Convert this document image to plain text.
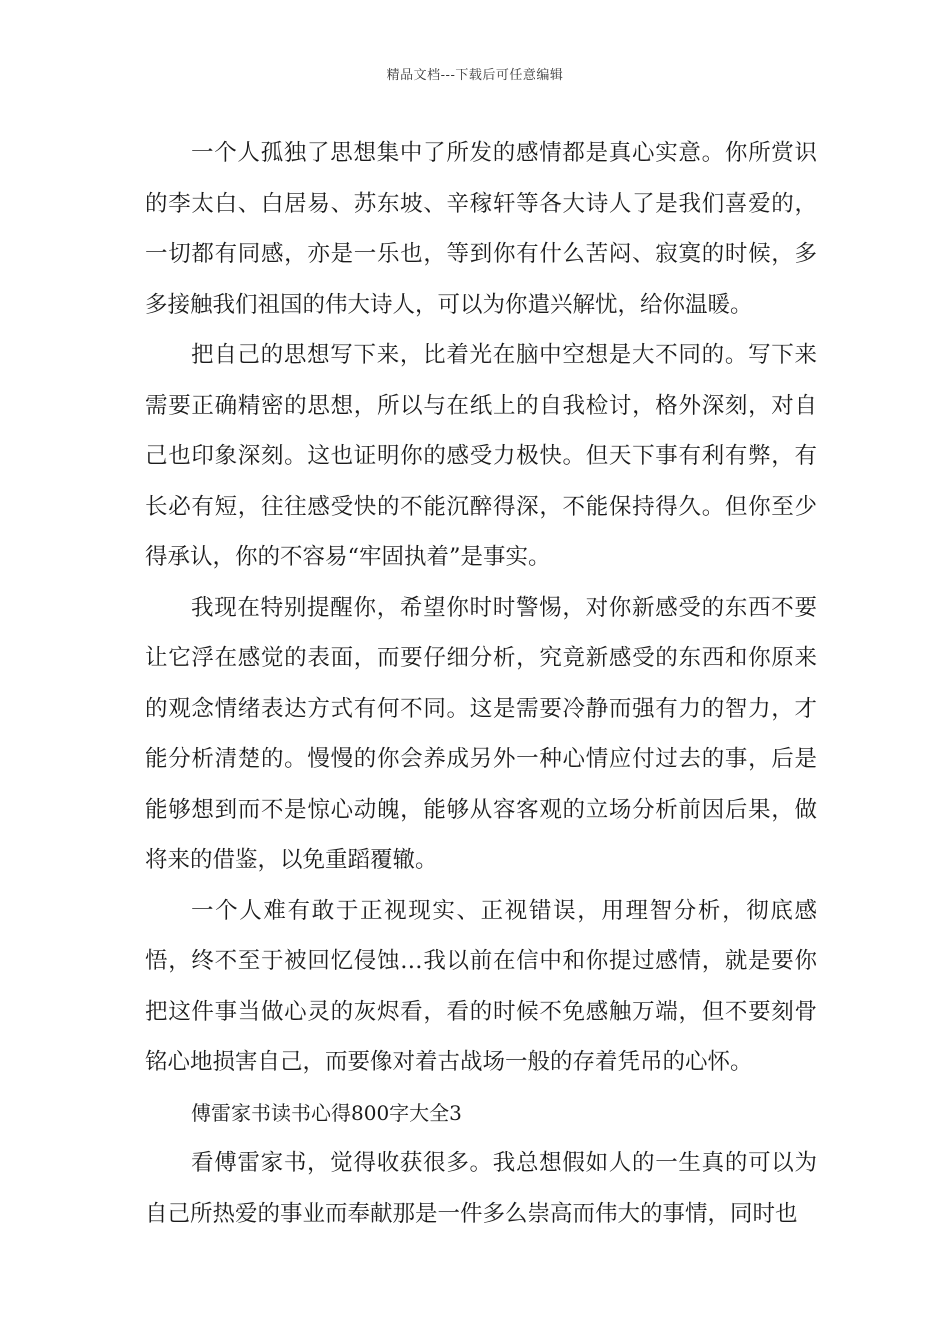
精品文档---下载后可任意编辑

一个人孤独了思想集中了所发的感情都是真心实意。你所赏识的李太白、白居易、苏东坡、辛稼轩等各大诗人了是我们喜爱的，一切都有同感，亦是一乐也，等到你有什么苦闷、寂寞的时候，多多接触我们祖国的伟大诗人，可以为你遣兴解忧，给你温暖。

把自己的思想写下来，比着光在脑中空想是大不同的。写下来需要正确精密的思想，所以与在纸上的自我检讨，格外深刻，对自己也印象深刻。这也证明你的感受力极快。但天下事有利有弊，有长必有短，往往感受快的不能沉醉得深，不能保持得久。但你至少得承认，你的不容易“牢固执着”是事实。

我现在特别提醒你，希望你时时警惕，对你新感受的东西不要让它浮在感觉的表面，而要仔细分析，究竟新感受的东西和你原来的观念情绪表达方式有何不同。这是需要冷静而强有力的智力，才能分析清楚的。慢慢的你会养成另外一种心情应付过去的事，后是能够想到而不是惊心动魄，能够从容客观的立场分析前因后果，做将来的借鉴，以免重蹈覆辙。

一个人难有敢于正视现实、正视错误，用理智分析，彻底感悟，终不至于被回忆侵蚀…我以前在信中和你提过感情，就是要你把这件事当做心灵的灰烬看，看的时候不免感触万端，但不要刻骨铭心地损害自己，而要像对着古战场一般的存着凭吊的心怀。

傅雷家书读书心得800字大全3

看傅雷家书，觉得收获很多。我总想假如人的一生真的可以为自己所热爱的事业而奉献那是一件多么崇高而伟大的事情，同时也
